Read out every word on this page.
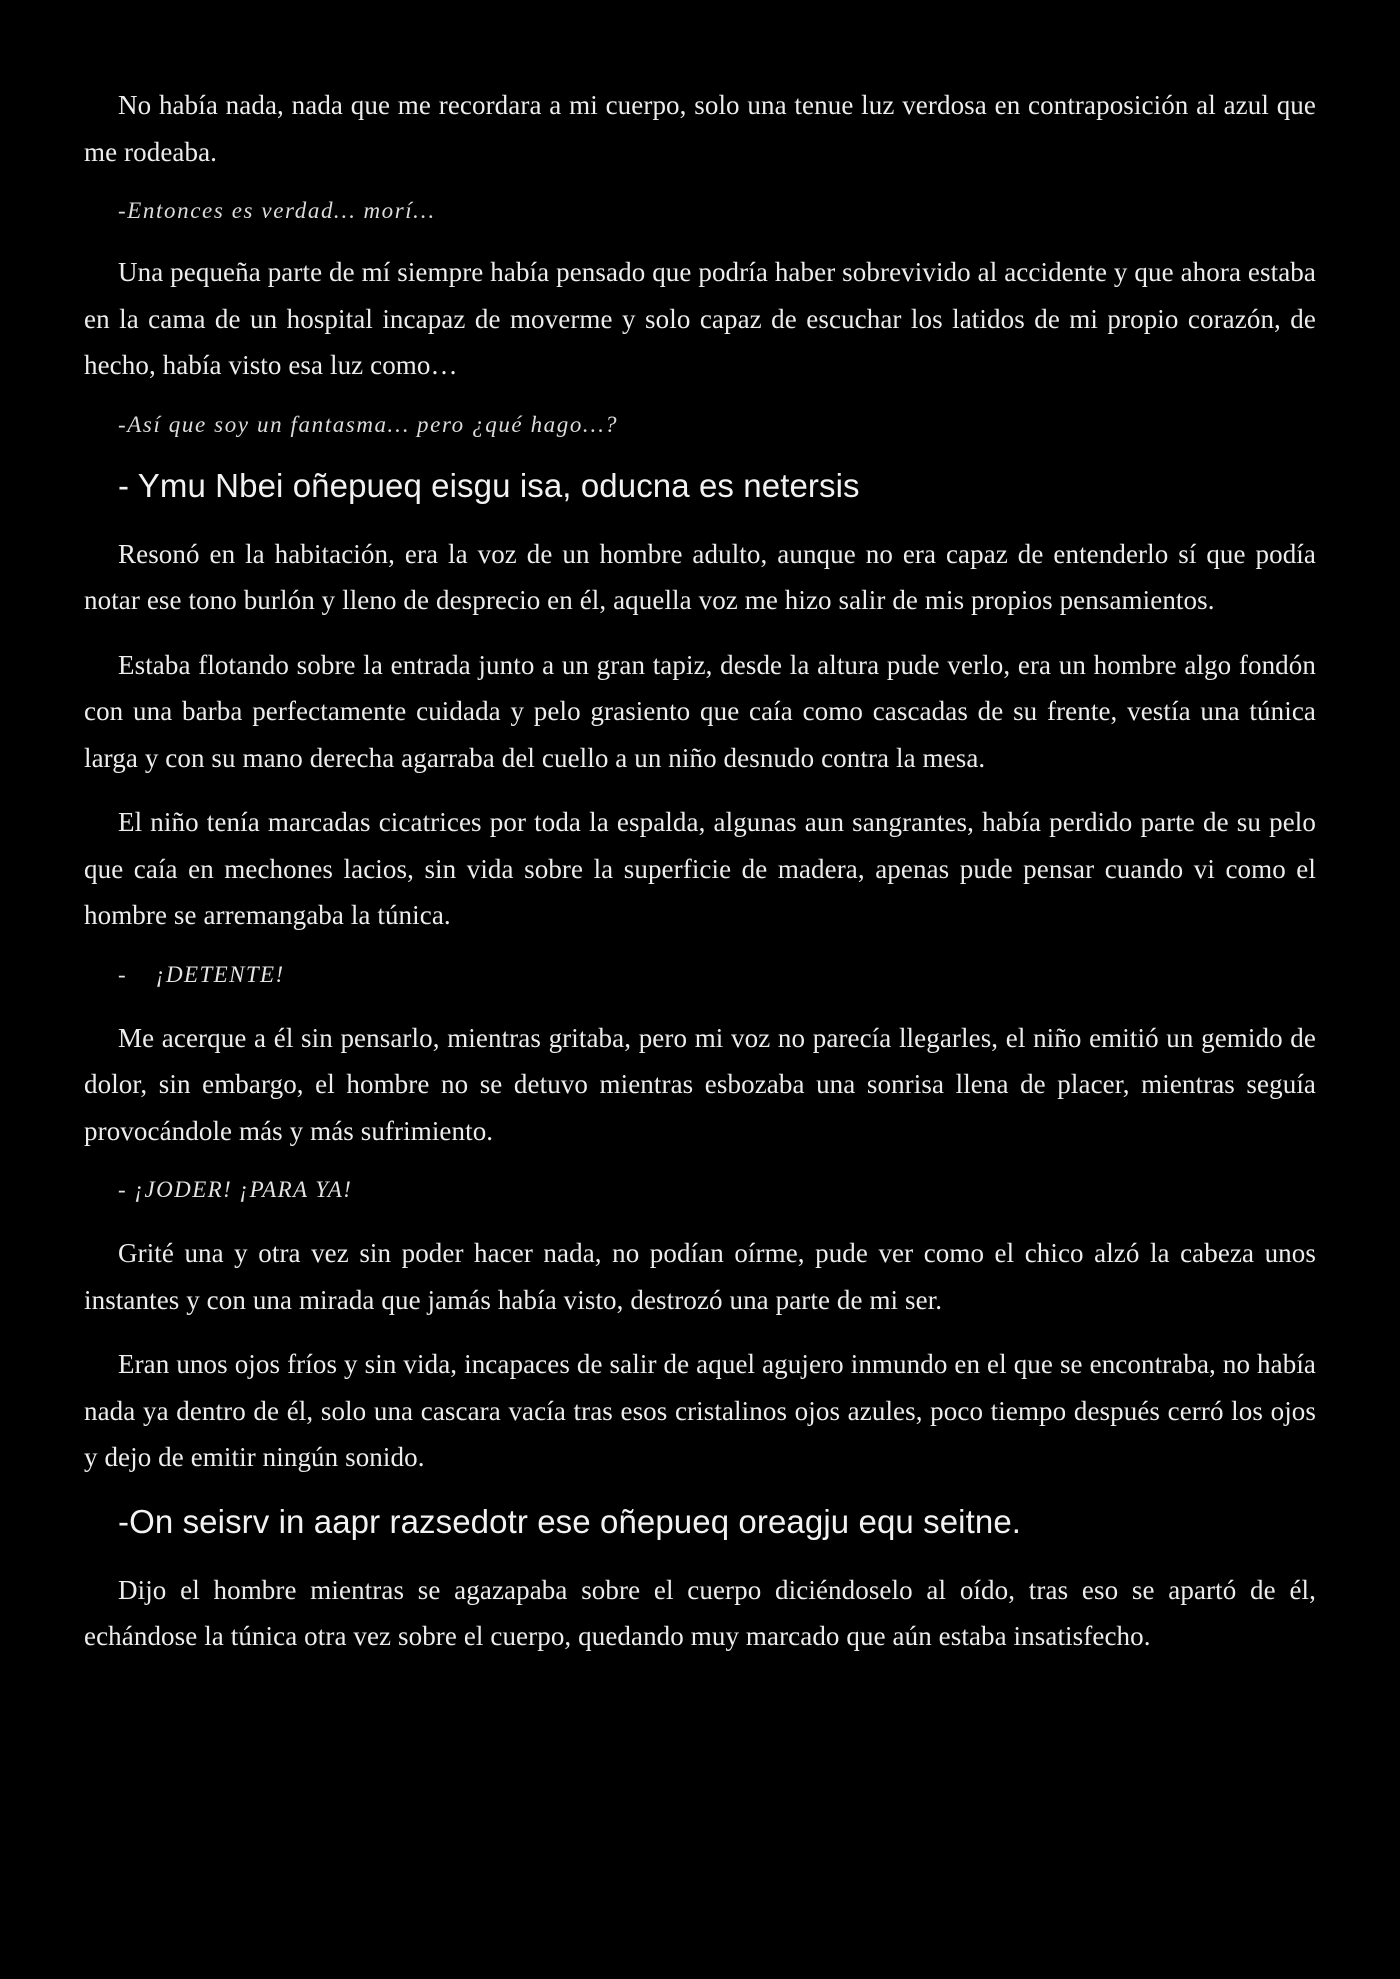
No había nada, nada que me recordara a mi cuerpo, solo una tenue luz verdosa en contraposición al azul que me rodeaba.

-Entonces es verdad… morí…

Una pequeña parte de mí siempre había pensado que podría haber sobrevivido al accidente y que ahora estaba en la cama de un hospital incapaz de moverme y solo capaz de escuchar los latidos de mi propio corazón, de hecho, había visto esa luz como…

-Así que soy un fantasma… pero ¿qué hago…?

- Ymu Nbei oñepueq eisgu isa, oducna es netersis

Resonó en la habitación, era la voz de un hombre adulto, aunque no era capaz de entenderlo sí que podía notar ese tono burlón y lleno de desprecio en él, aquella voz me hizo salir de mis propios pensamientos.

Estaba flotando sobre la entrada junto a un gran tapiz, desde la altura pude verlo, era un hombre algo fondón con una barba perfectamente cuidada y pelo grasiento que caía como cascadas de su frente, vestía una túnica larga y con su mano derecha agarraba del cuello a un niño desnudo contra la mesa.

El niño tenía marcadas cicatrices por toda la espalda, algunas aun sangrantes, había perdido parte de su pelo que caía en mechones lacios, sin vida sobre la superficie de madera, apenas pude pensar cuando vi como el hombre se arremangaba la túnica.

-    ¡DETENTE!

Me acerque a él sin pensarlo, mientras gritaba, pero mi voz no parecía llegarles, el niño emitió un gemido de dolor, sin embargo, el hombre no se detuvo mientras esbozaba una sonrisa llena de placer, mientras seguía provocándole más y más sufrimiento.

- ¡JODER! ¡PARA YA!

Grité una y otra vez sin poder hacer nada, no podían oírme, pude ver como el chico alzó la cabeza unos instantes y con una mirada que jamás había visto, destrozó una parte de mi ser.

Eran unos ojos fríos y sin vida, incapaces de salir de aquel agujero inmundo en el que se encontraba, no había nada ya dentro de él, solo una cascara vacía tras esos cristalinos ojos azules, poco tiempo después cerró los ojos y dejo de emitir ningún sonido.

-On seisrv in aapr razsedotr ese oñepueq oreagju equ seitne.

Dijo el hombre mientras se agazapaba sobre el cuerpo diciéndoselo al oído, tras eso se apartó de él, echándose la túnica otra vez sobre el cuerpo, quedando muy marcado que aún estaba insatisfecho.
